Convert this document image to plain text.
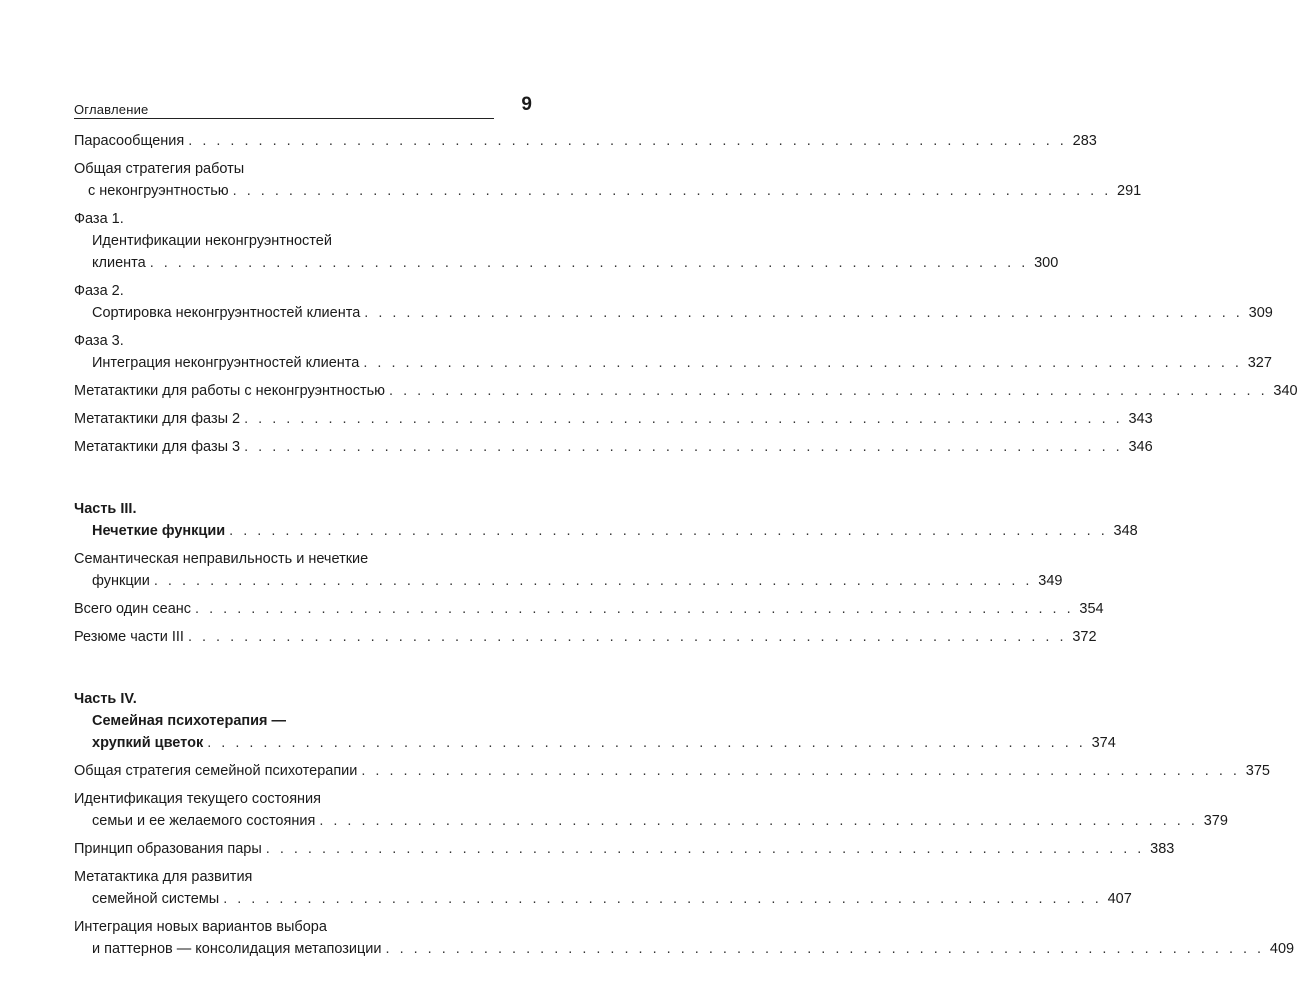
Оглавление	9
Парасообщения . . . . . . . . . . . . . . . . . . . . . . . . . . . . . . . . . . . . . . . . . . . . . . . . . . . . . . . . . . . . . . . 283
Общая стратегия работы
с неконгруэнтностью . . . . . . . . . . . . . . . . . . . . . . . . . . . . . . . . . . . . . . . . . . . . . . . . . . . . . . . . . . . . . . . 291
Фаза 1.
Идентификации неконгруэнтностей
клиента . . . . . . . . . . . . . . . . . . . . . . . . . . . . . . . . . . . . . . . . . . . . . . . . . . . . . . . . . . . . . . . 300
Фаза 2.
Сортировка неконгруэнтностей клиента . . . . . . . . . . . . . . . . . . . . . . . . . . . . . . . . . . . . . . . . . . . . . . . . . . . . . . . . . . . . . . . 309
Фаза 3.
Интеграция неконгруэнтностей клиента . . . . . . . . . . . . . . . . . . . . . . . . . . . . . . . . . . . . . . . . . . . . . . . . . . . . . . . . . . . . . . . 327
Метатактики для работы с неконгруэнтностью . . . . . . . . . . . . . . . . . . . . . . . . . . . . . . . . . . . . . . . . . . . . . . . . . . . . . . . . . . . . . . . 340
Метатактики для фазы 2 . . . . . . . . . . . . . . . . . . . . . . . . . . . . . . . . . . . . . . . . . . . . . . . . . . . . . . . . . . . . . . . 343
Метатактики для фазы 3 . . . . . . . . . . . . . . . . . . . . . . . . . . . . . . . . . . . . . . . . . . . . . . . . . . . . . . . . . . . . . . . 346
Часть III.
Нечеткие функции . . . . . . . . . . . . . . . . . . . . . . . . . . . . . . . . . . . . . . . . . . . . . . . . . . . . . . . . . . . . . . . 348
Семантическая неправильность и нечеткие
функции . . . . . . . . . . . . . . . . . . . . . . . . . . . . . . . . . . . . . . . . . . . . . . . . . . . . . . . . . . . . . . . 349
Всего один сеанс . . . . . . . . . . . . . . . . . . . . . . . . . . . . . . . . . . . . . . . . . . . . . . . . . . . . . . . . . . . . . . . 354
Резюме части III . . . . . . . . . . . . . . . . . . . . . . . . . . . . . . . . . . . . . . . . . . . . . . . . . . . . . . . . . . . . . . . 372
Часть IV.
Семейная психотерапия —
хрупкий цветок . . . . . . . . . . . . . . . . . . . . . . . . . . . . . . . . . . . . . . . . . . . . . . . . . . . . . . . . . . . . . . . 374
Общая стратегия семейной психотерапии . . . . . . . . . . . . . . . . . . . . . . . . . . . . . . . . . . . . . . . . . . . . . . . . . . . . . . . . . . . . . . . 375
Идентификация текущего состояния
семьи и ее желаемого состояния . . . . . . . . . . . . . . . . . . . . . . . . . . . . . . . . . . . . . . . . . . . . . . . . . . . . . . . . . . . . . . . 379
Принцип образования пары . . . . . . . . . . . . . . . . . . . . . . . . . . . . . . . . . . . . . . . . . . . . . . . . . . . . . . . . . . . . . . . 383
Метатактика для развития
семейной системы . . . . . . . . . . . . . . . . . . . . . . . . . . . . . . . . . . . . . . . . . . . . . . . . . . . . . . . . . . . . . . . 407
Интеграция новых вариантов выбора
и паттернов — консолидация метапозиции . . . . . . . . . . . . . . . . . . . . . . . . . . . . . . . . . . . . . . . . . . . . . . . . . . . . . . . . . . . . . . . 409
